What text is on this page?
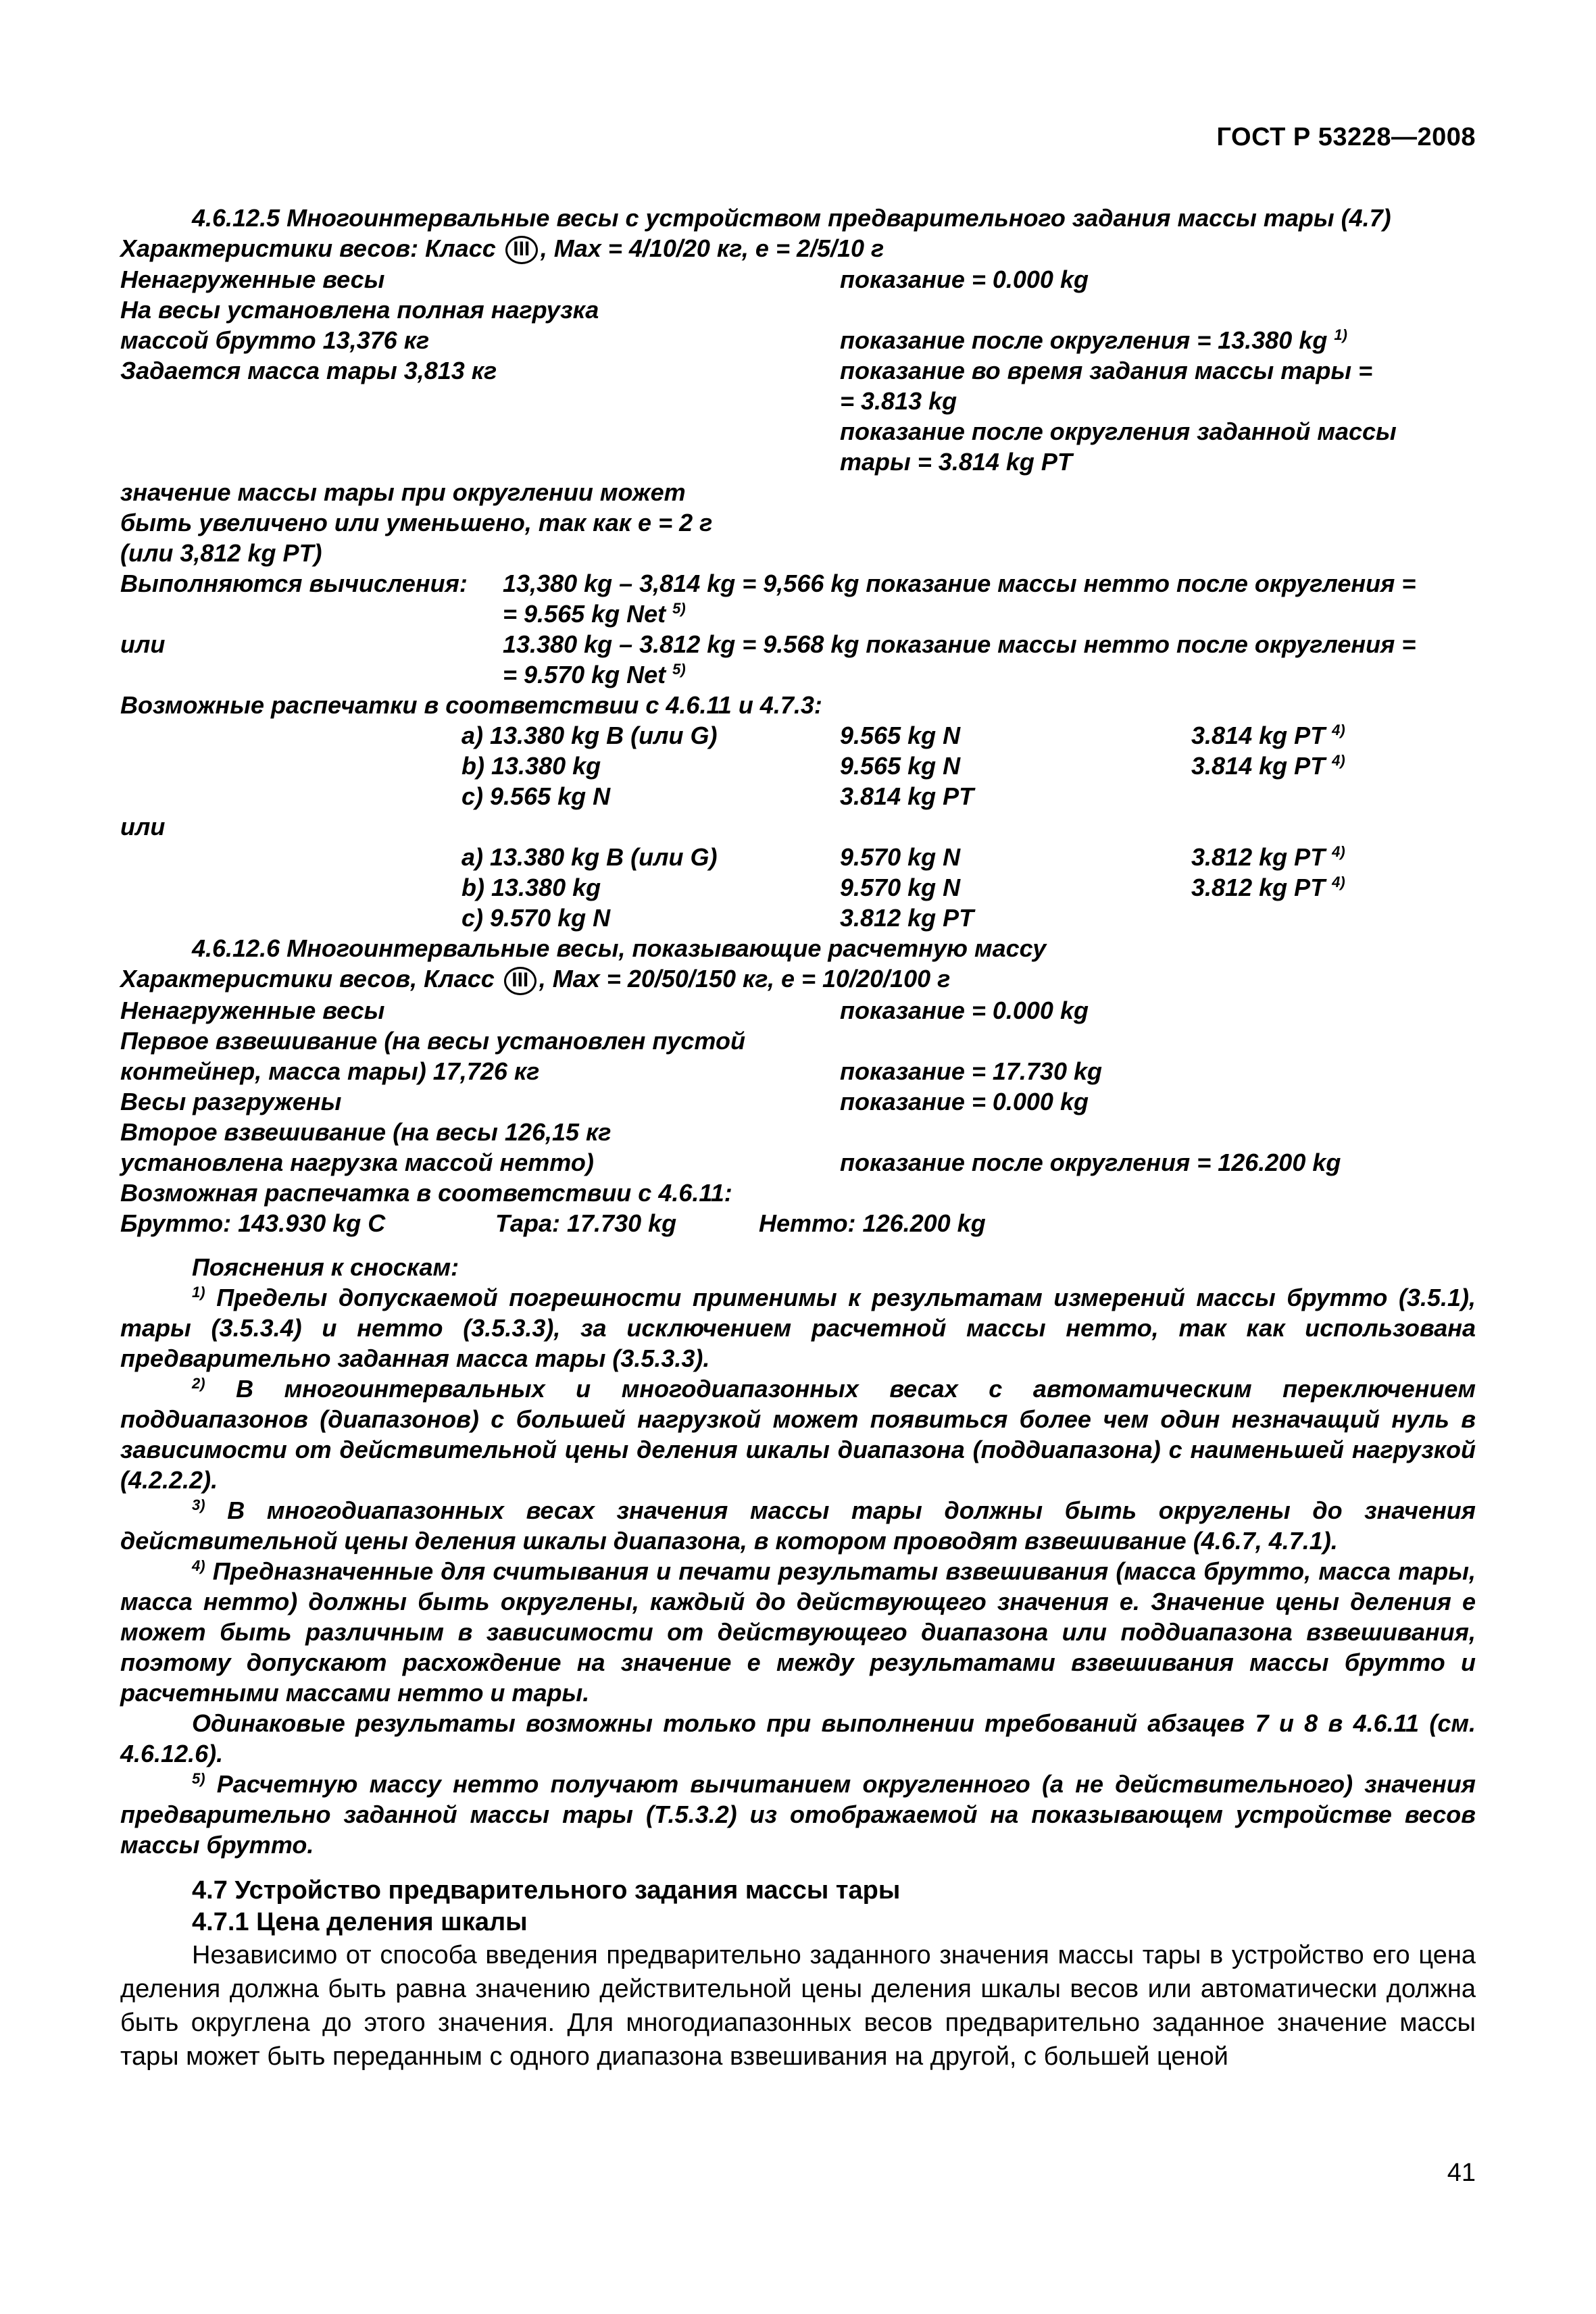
ГОСТ Р 53228—2008
4.6.12.5 Многоинтервальные весы с устройством предварительного задания массы тары (4.7)
Характеристики весов: Класс III , Max = 4/10/20 кг, e = 2/5/10 г
Ненагруженные весы	показание = 0.000 kg
На весы установлена полная нагрузка
массой брутто 13,376 кг	показание после округления = 13.380 kg $^{1)}$
Задается масса тары 3,813 кг	показание во время задания массы тары =
= 3.813 kg
показание после округления заданной массы
тары = 3.814 kg PT
значение массы тары при округлении может
быть увеличено или уменьшено, так как e = 2 г
(или 3,812 kg PT)
Выполняются вычисления:	13,380 kg – 3,814 kg = 9,566 kg показание массы нетто после округления =
= 9.565 kg Net $^{5)}$
или	13.380 kg – 3.812 kg = 9.568 kg показание массы нетто после округления =
= 9.570 kg Net $^{5)}$
Возможные распечатки в соответствии с 4.6.11 и 4.7.3:
a) 13.380 kg B (или G)	9.565 kg N	3.814 kg PT $^{4)}$
b) 13.380 kg	9.565 kg N	3.814 kg PT $^{4)}$
c) 9.565 kg N	3.814 kg PT
или
a) 13.380 kg B (или G)	9.570 kg N	3.812 kg PT $^{4)}$
b) 13.380 kg	9.570 kg N	3.812 kg PT $^{4)}$
c) 9.570 kg N	3.812 kg PT
4.6.12.6 Многоинтервальные весы, показывающие расчетную массу
Характеристики весов, Класс III , Max = 20/50/150 кг, e = 10/20/100 г
Ненагруженные весы	показание = 0.000 kg
Первое взвешивание (на весы установлен пустой
контейнер, масса тары) 17,726 кг	показание = 17.730 kg
Весы разгружены	показание = 0.000 kg
Второе взвешивание (на весы 126,15 кг
установлена нагрузка массой нетто)	показание после округления = 126.200 kg
Возможная распечатка в соответствии с 4.6.11:
Брутто: 143.930 kg C	Тара: 17.730 kg	Нетто: 126.200 kg
Пояснения к сноскам:

$^{1)}$ Пределы допускаемой погрешности применимы к результатам измерений массы брутто (3.5.1), тары (3.5.3.4) и нетто (3.5.3.3), за исключением расчетной массы нетто, так как использована предварительно заданная масса тары (3.5.3.3).

$^{2)}$ В многоинтервальных и многодиапазонных весах с автоматическим переключением поддиапазонов (диапазонов) с большей нагрузкой может появиться более чем один незначащий нуль в зависимости от действительной цены деления шкалы диапазона (поддиапазона) с наименьшей нагрузкой (4.2.2.2).

$^{3)}$ В многодиапазонных весах значения массы тары должны быть округлены до значения действительной цены деления шкалы диапазона, в котором проводят взвешивание (4.6.7, 4.7.1).

$^{4)}$ Предназначенные для считывания и печати результаты взвешивания (масса брутто, масса тары, масса нетто) должны быть округлены, каждый до действующего значения e. Значение цены деления e может быть различным в зависимости от действующего диапазона или поддиапазона взвешивания, поэтому допускают расхождение на значение e между результатами взвешивания массы брутто и расчетными массами нетто и тары.

Одинаковые результаты возможны только при выполнении требований абзацев 7 и 8 в 4.6.11 (см. 4.6.12.6).

$^{5)}$ Расчетную массу нетто получают вычитанием округленного (а не действительного) значения предварительно заданной массы тары (Т.5.3.2) из отображаемой на показывающем устройстве весов массы брутто.

4.7 Устройство предварительного задания массы тары
4.7.1 Цена деления шкалы

Независимо от способа введения предварительно заданного значения массы тары в устройство его цена деления должна быть равна значению действительной цены деления шкалы весов или автоматически должна быть округлена до этого значения. Для многодиапазонных весов предварительно заданное значение массы тары может быть переданным с одного диапазона взвешивания на другой, с большей ценой

41
